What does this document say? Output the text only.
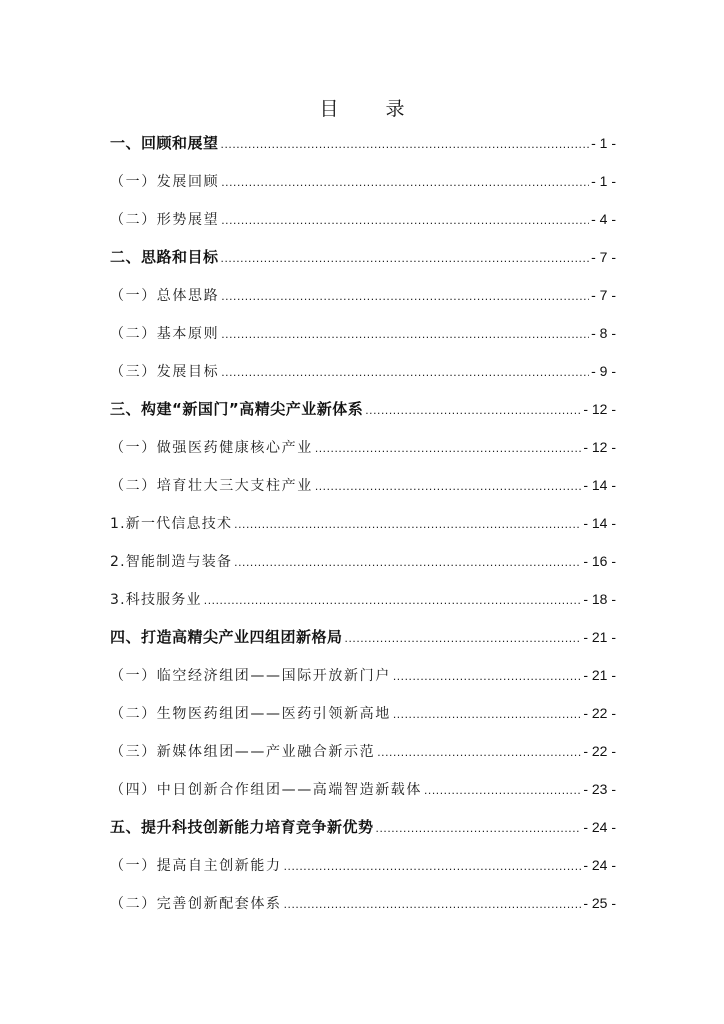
目　录
一、回顾和展望 .....	- 1 -
（一）发展回顾 .....	- 1 -
（二）形势展望 .....	- 4 -
二、思路和目标 .....	- 7 -
（一）总体思路 .....	- 7 -
（二）基本原则 .....	- 8 -
（三）发展目标 .....	- 9 -
三、构建“新国门”高精尖产业新体系 .....	- 12 -
（一）做强医药健康核心产业 .....	- 12 -
（二）培育壮大三大支柱产业 .....	- 14 -
1.新一代信息技术 .....	- 14 -
2.智能制造与装备 .....	- 16 -
3.科技服务业 .....	- 18 -
四、打造高精尖产业四组团新格局 .....	- 21 -
（一）临空经济组团——国际开放新门户 .....	- 21 -
（二）生物医药组团——医药引领新高地 .....	- 22 -
（三）新媒体组团——产业融合新示范 .....	- 22 -
（四）中日创新合作组团——高端智造新载体 .....	- 23 -
五、提升科技创新能力培育竞争新优势 .....	- 24 -
（一）提高自主创新能力 .....	- 24 -
（二）完善创新配套体系 .....	- 25 -
